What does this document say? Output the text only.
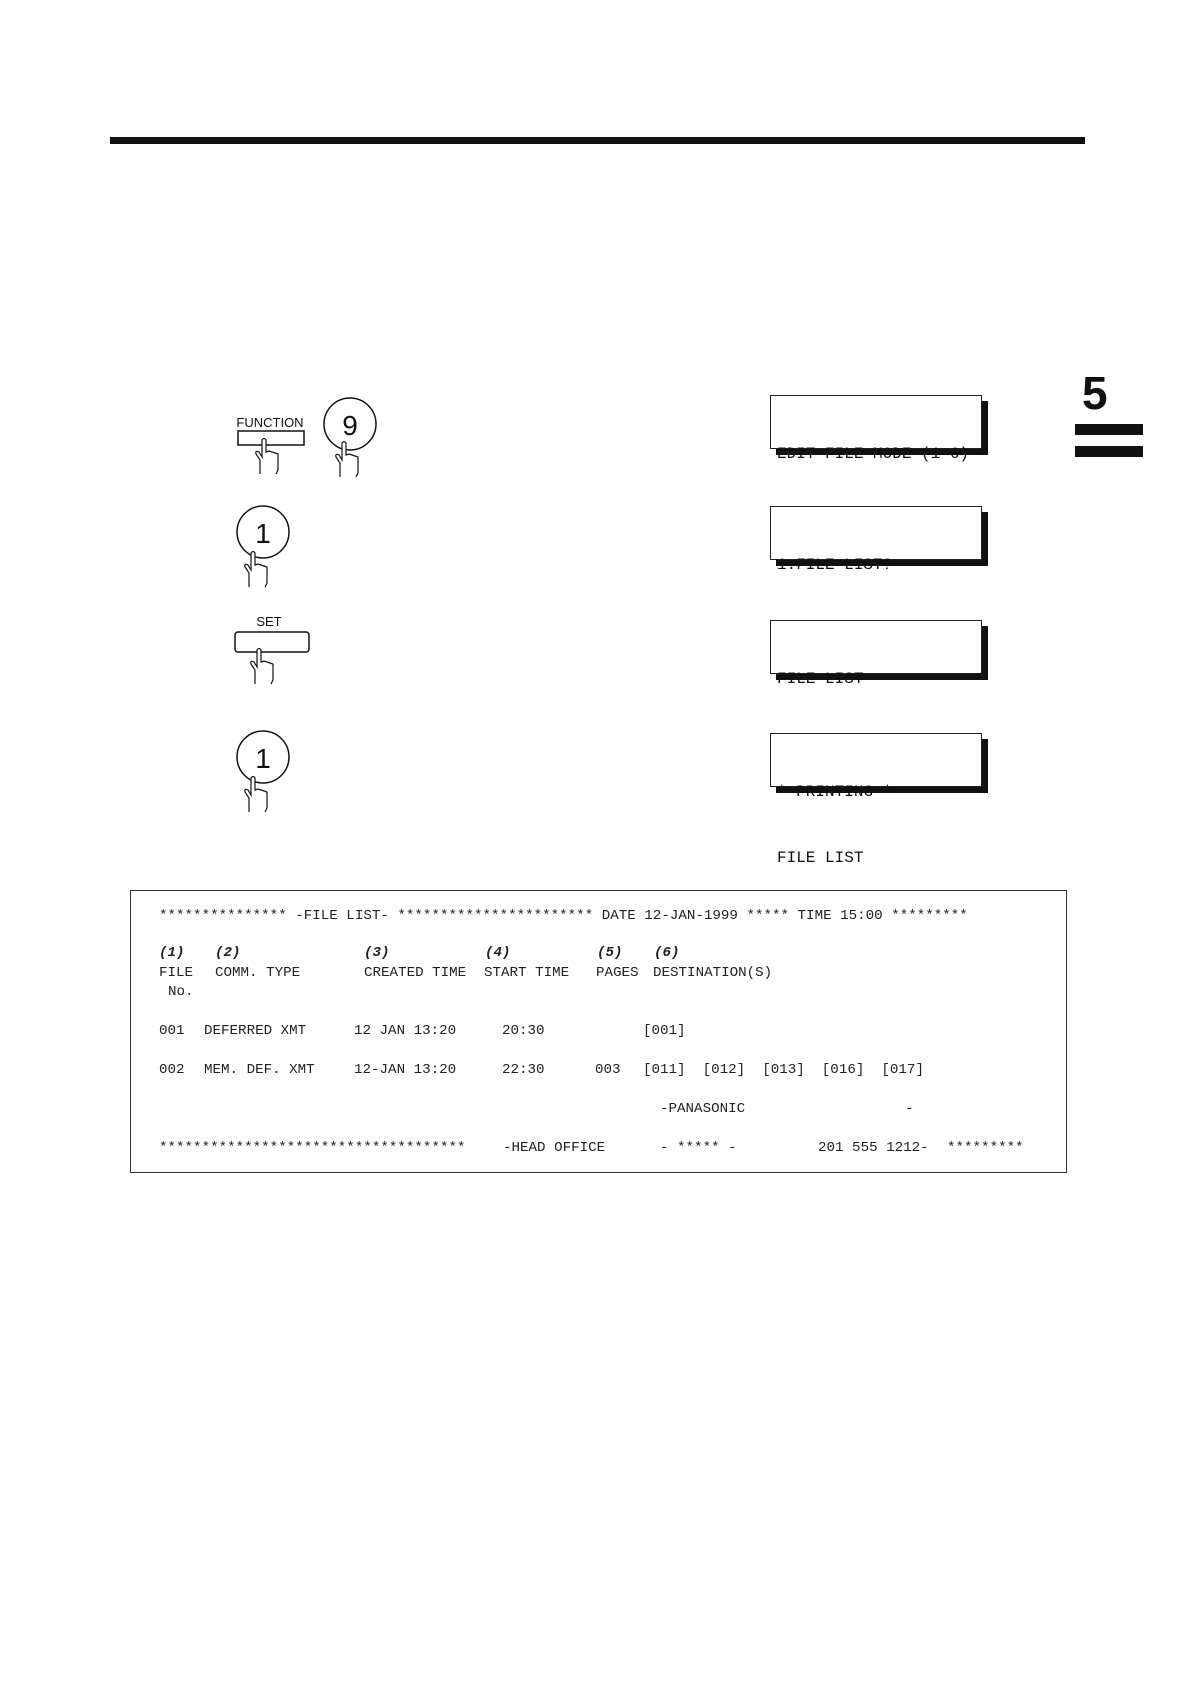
5
FUNCTION 9
1
SET
1

EDIT FILE MODE (1-6)

1:FILE LIST?

FILE LIST

* PRINTING *

FILE LIST

*************** -FILE LIST- *********************** DATE 12-JAN-1999 ***** TIME 15:00 *********
(1) (2)	(3)	(4)	(5) (6)
FILE COMM. TYPE	CREATED TIME START TIME PAGES DESTINATION(S)
No.
001 DEFERRED XMT	12 JAN 13:20	20:30	[001]
002 MEM. DEF. XMT	12-JAN 13:20	22:30	003 [011]  [012]  [013]  [016]  [017]
-PANASONIC	-
************************************	-HEAD OFFICE	- ***** -	201 555 1212- *********
